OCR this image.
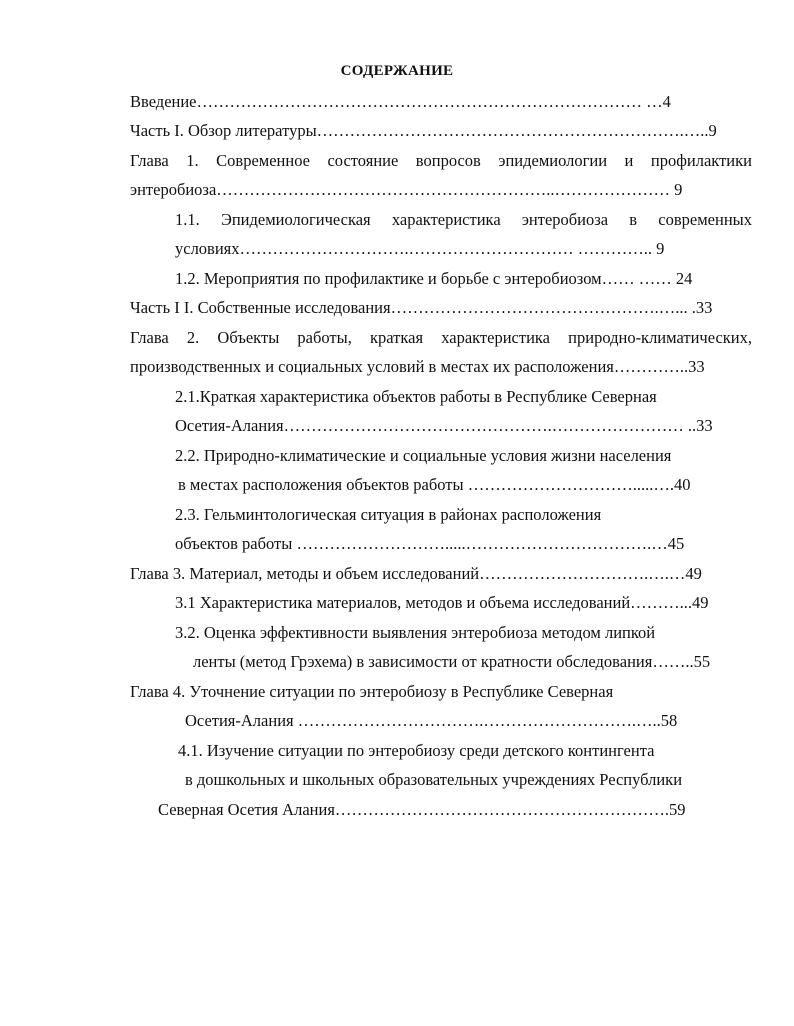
СОДЕРЖАНИЕ
Введение……………………………………………………………………… …4
Часть I. Обзор литературы………………………………………………………….…..9
Глава 1. Современное состояние вопросов эпидемиологии и профилактики
энтеробиоза……………………………………………………..………………… 9
1.1. Эпидемиологическая характеристика энтеробиоза в современных
условиях………………………….………………………… ………….. 9
1.2. Мероприятия по профилактике и борьбе с энтеробиозом…… …… 24
Часть I I. Собственные исследования………………………………………….…... .33
Глава 2. Объекты работы, краткая характеристика природно-климатических,
производственных и социальных условий в местах их расположения…………..33
2.1.Краткая характеристика объектов работы в Республике Северная
Осетия-Алания………………………………………….…………………… ..33
2.2. Природно-климатические и социальные условия жизни населения
в местах расположения объектов работы ………………………….....….40
2.3. Гельминтологическая ситуация в районах расположения
объектов работы ……………………….....…………………………….…45
Глава 3. Материал, методы и объем исследований………………………….….…49
3.1 Характеристика материалов, методов и объема исследований………...49
3.2. Оценка эффективности выявления энтеробиоза методом липкой
ленты (метод Грэхема) в зависимости от кратности обследования……..55
Глава 4. Уточнение ситуации по энтеробиозу в Республике Северная
Осетия-Алания …………………………….……………………….…..58
4.1. Изучение ситуации по энтеробиозу среди детского контингента
в дошкольных и школьных образовательных учреждениях Республики
Северная Осетия Алания…………………………………………………….59
